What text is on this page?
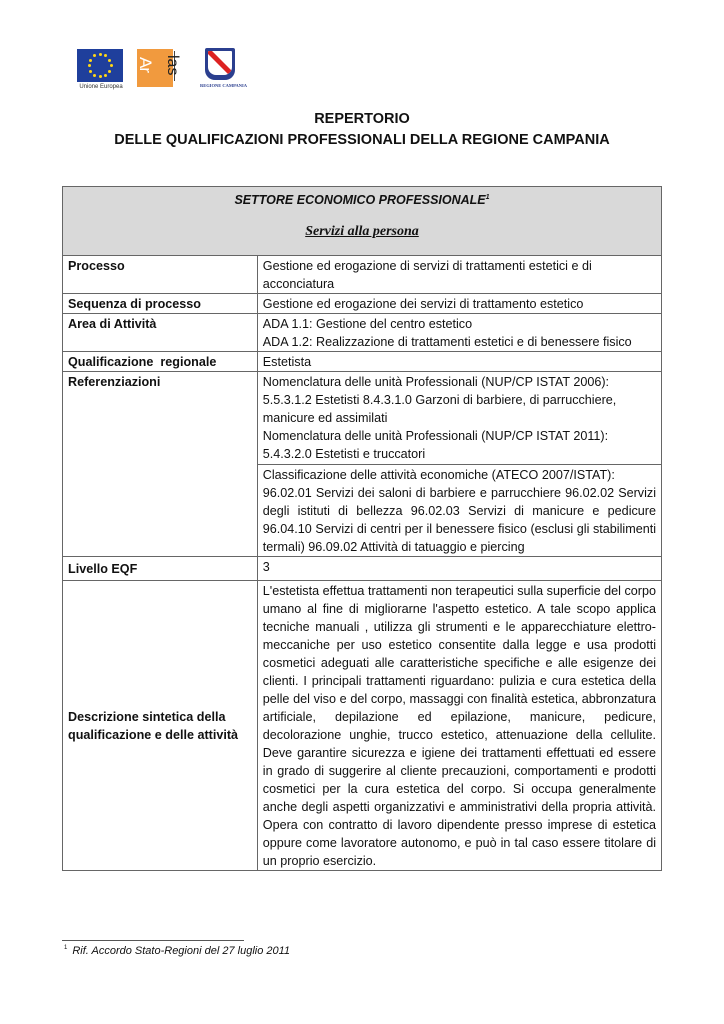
Unione Europea
Ar las
REGIONE CAMPANIA
REPERTORIO
DELLE QUALIFICAZIONI PROFESSIONALI DELLA REGIONE CAMPANIA
SETTORE ECONOMICO PROFESSIONALE$^1$
Servizi alla persona	

Processo	Gestione ed erogazione di servizi di trattamenti estetici e di acconciatura
Sequenza di processo	Gestione ed erogazione dei servizi di trattamento estetico
Area di Attività	ADA 1.1: Gestione del centro estetico
ADA 1.2: Realizzazione di trattamenti estetici e di benessere fisico

Qualificazione  regionale	Estetista
Referenziazioni	Nomenclatura delle unità Professionali (NUP/CP ISTAT 2006):
5.5.3.1.2 Estetisti 8.4.3.1.0 Garzoni di barbiere, di parrucchiere, manicure ed assimilati
Nomenclatura delle unità Professionali (NUP/CP ISTAT 2011):
5.4.3.2.0 Estetisti e truccatori
Classificazione delle attività economiche (ATECO 2007/ISTAT):
96.02.01 Servizi dei saloni di barbiere e parrucchiere 96.02.02 Servizi degli istituti di bellezza 96.02.03 Servizi di manicure e pedicure 96.04.10 Servizi di centri per il benessere fisico (esclusi gli stabilimenti termali) 96.09.02 Attività di tatuaggio e piercing

Livello EQF	3
Descrizione sintetica della qualificazione e delle attività	L'estetista effettua trattamenti non terapeutici sulla superficie del corpo umano al fine di migliorarne l'aspetto estetico. A tale scopo applica tecniche manuali , utilizza gli strumenti e le apparecchiature elettro-meccaniche per uso estetico consentite dalla legge e usa prodotti cosmetici adeguati alle caratteristiche specifiche e alle esigenze dei clienti. I principali trattamenti riguardano: pulizia e cura estetica della pelle del viso e del corpo, massaggi con finalità estetica, abbronzatura artificiale, depilazione ed epilazione, manicure, pedicure, decolorazione unghie, trucco estetico, attenuazione della cellulite. Deve garantire sicurezza e igiene dei trattamenti effettuati ed essere in grado di suggerire al cliente precauzioni, comportamenti e prodotti cosmetici per la cura estetica del corpo. Si occupa generalmente anche degli aspetti organizzativi e amministrativi della propria attività. Opera con contratto di lavoro dipendente presso imprese di estetica oppure come lavoratore autonomo, e può in tal caso essere titolare di un proprio esercizio.
$^1$ Rif. Accordo Stato-Regioni del 27 luglio 2011
